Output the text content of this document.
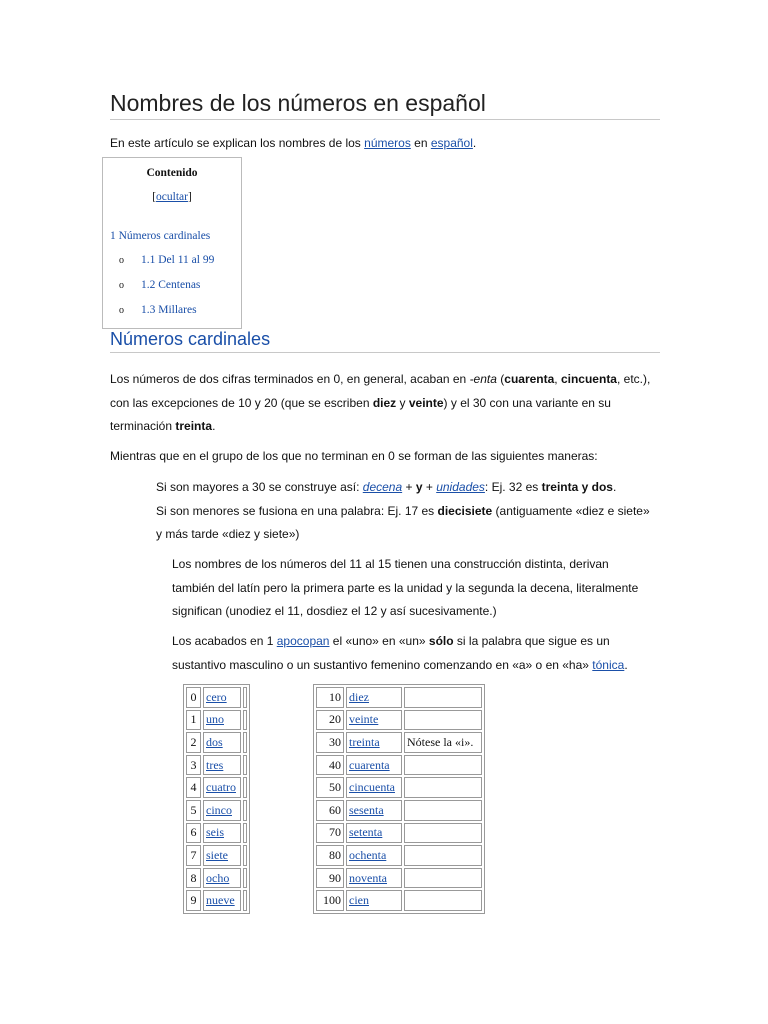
Nombres de los números en español
En este artículo se explican los nombres de los números en español.
Contenido
[ocultar]
1 Números cardinales
o 1.1 Del 11 al 99
o 1.2 Centenas
o 1.3 Millares
Números cardinales
Los números de dos cifras terminados en 0, en general, acaban en -enta (cuarenta, cincuenta, etc.), con las excepciones de 10 y 20 (que se escriben diez y veinte) y el 30 con una variante en su terminación treinta.
Mientras que en el grupo de los que no terminan en 0 se forman de las siguientes maneras:
Si son mayores a 30 se construye así: decena + y + unidades: Ej. 32 es treinta y dos.
Si son menores se fusiona en una palabra: Ej. 17 es diecisiete (antiguamente «diez e siete» y más tarde «diez y siete»)
Los nombres de los números del 11 al 15 tienen una construcción distinta, derivan también del latín pero la primera parte es la unidad y la segunda la decena, literalmente significan (unodiez el 11, dosdiez el 12 y así sucesivamente.)
Los acabados en 1 apocopan el «uno» en «un» sólo si la palabra que sigue es un sustantivo masculino o un sustantivo femenino comenzando en «a» o en «ha» tónica.
0	cero	
1	uno	
2	dos	
3	tres	
4	cuatro	
5	cinco	
6	seis	
7	siete	
8	ocho	
9	nueve	
10	diez	
20	veinte	
30	treinta	Nótese la «i».
40	cuarenta	
50	cincuenta	
60	sesenta	
70	setenta	
80	ochenta	
90	noventa	
100	cien	
